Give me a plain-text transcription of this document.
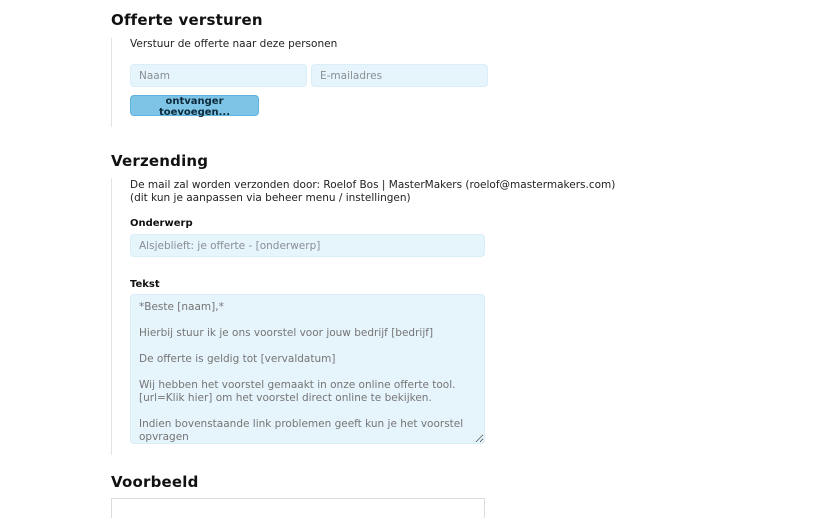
Offerte versturen
Verstuur de offerte naar deze personen
Naam
E-mailadres
ontvanger toevoegen...
Verzending
De mail zal worden verzonden door: Roelof Bos | MasterMakers (roelof@mastermakers.com)
(dit kun je aanpassen via beheer menu / instellingen)
Onderwerp
Alsjeblieft: je offerte - [onderwerp]
Tekst
*Beste [naam],* Hierbij stuur ik je ons voorstel voor jouw bedrijf [bedrijf] De offerte is geldig tot [vervaldatum] Wij hebben het voorstel gemaakt in onze online offerte tool. [url=Klik hier] om het voorstel direct online te bekijken. Indien bovenstaande link problemen geeft kun je het voorstel opvragen door naar onderstaande URL te gaan in je browser:
Voorbeeld
